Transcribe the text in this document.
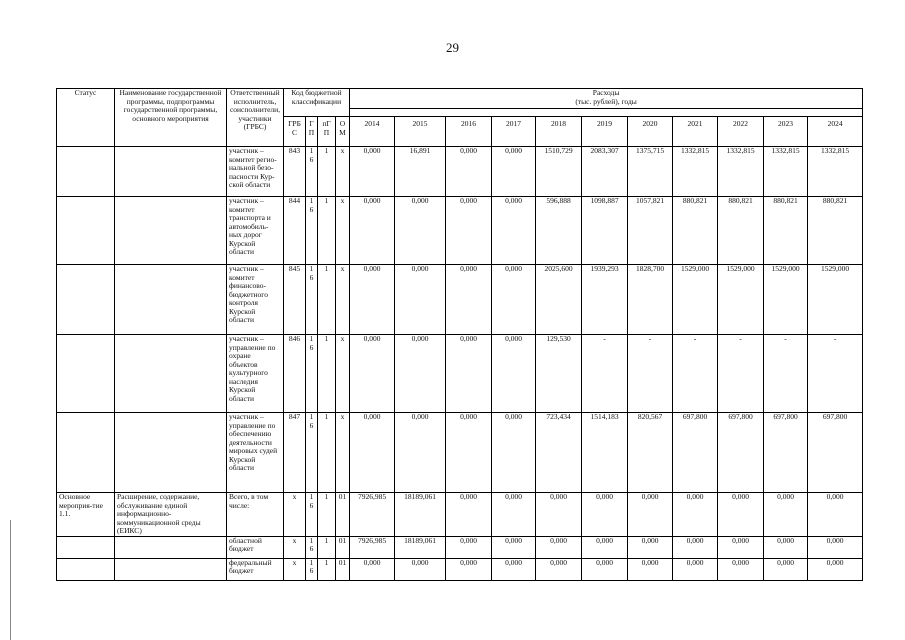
29
Статус	Наименование государственной программы, подпрограммы государственной программы, основного мероприятия	Ответственный исполнитель, соисполнители, участники (ГРБС)	Код бюджетной классификации				Расходы
(тыс. рублей), годы										

			ГРБС	ГП	пГП	ОМ	2014	2015	2016	2017	2018	2019	2020	2021	2022	2023	2024
		участник – комитет регио-нальной безо-пасности Кур-ской области	843	16	1	х	0,000	16,891	0,000	0,000	1510,729	2083,307	1375,715	1332,815	1332,815	1332,815	1332,815
		участник – комитет транспорта и автомобиль-ных дорог Курской области	844	16	1	х	0,000	0,000	0,000	0,000	596,888	1098,887	1057,821	880,821	880,821	880,821	880,821
		участник – комитет финансово-бюджетного контроля Курской области	845	16	1	х	0,000	0,000	0,000	0,000	2025,600	1939,293	1828,700	1529,000	1529,000	1529,000	1529,000
		участник – управление по охране объектов культурного наследия Курской области	846	16	1	х	0,000	0,000	0,000	0,000	129,530	-	-	-	-	-	-
		участник – управление по обеспечению деятельности мировых судей Курской области	847	16	1	х	0,000	0,000	0,000	0,000	723,434	1514,183	820,567	697,800	697,800	697,800	697,800
Основное мероприя-тие 1.1.	Расширение, содержание, обслуживание единой информационно-коммуникационной среды (ЕИКС)	Всего, в том числе:	х	16	1	01	7926,985	18189,061	0,000	0,000	0,000	0,000	0,000	0,000	0,000	0,000	0,000
		областной бюджет	х	16	1	01	7926,985	18189,061	0,000	0,000	0,000	0,000	0,000	0,000	0,000	0,000	0,000
		федеральный бюджет	х	16	1	01	0,000	0,000	0,000	0,000	0,000	0,000	0,000	0,000	0,000	0,000	0,000
